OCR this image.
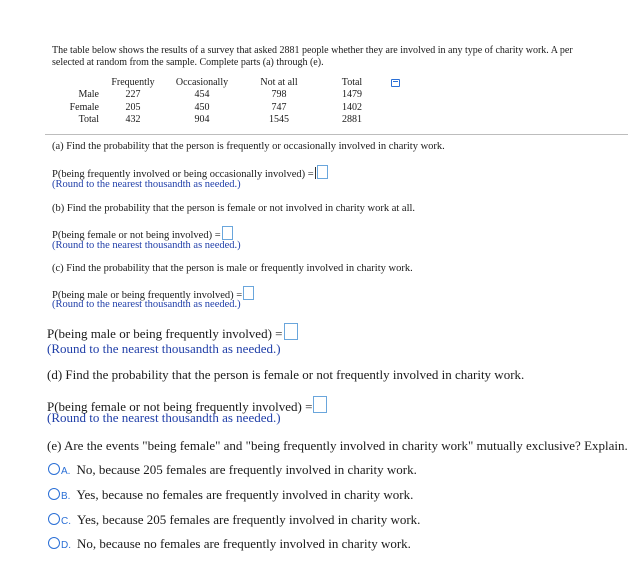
The table below shows the results of a survey that asked 2881 people whether they are involved in any type of charity work. A per
selected at random from the sample. Complete parts (a) through (e).
	Frequently	Occasionally	Not at all	Total
Male	227	454	798	1479
Female	205	450	747	1402
Total	432	904	1545	2881
(a) Find the probability that the person is frequently or occasionally involved in charity work.
P(being frequently involved or being occasionally involved) =
(Round to the nearest thousandth as needed.)
(b) Find the probability that the person is female or not involved in charity work at all.
P(being female or not being involved) =
(Round to the nearest thousandth as needed.)
(c) Find the probability that the person is male or frequently involved in charity work.
P(being male or being frequently involved) =
(Round to the nearest thousandth as needed.)
P(being male or being frequently involved) =
(Round to the nearest thousandth as needed.)
(d) Find the probability that the person is female or not frequently involved in charity work.
P(being female or not being frequently involved) =
(Round to the nearest thousandth as needed.)
(e) Are the events "being female" and "being frequently involved in charity work" mutually exclusive? Explain.
A. No, because 205 females are frequently involved in charity work.
B. Yes, because no females are frequently involved in charity work.
C. Yes, because 205 females are frequently involved in charity work.
D. No, because no females are frequently involved in charity work.
